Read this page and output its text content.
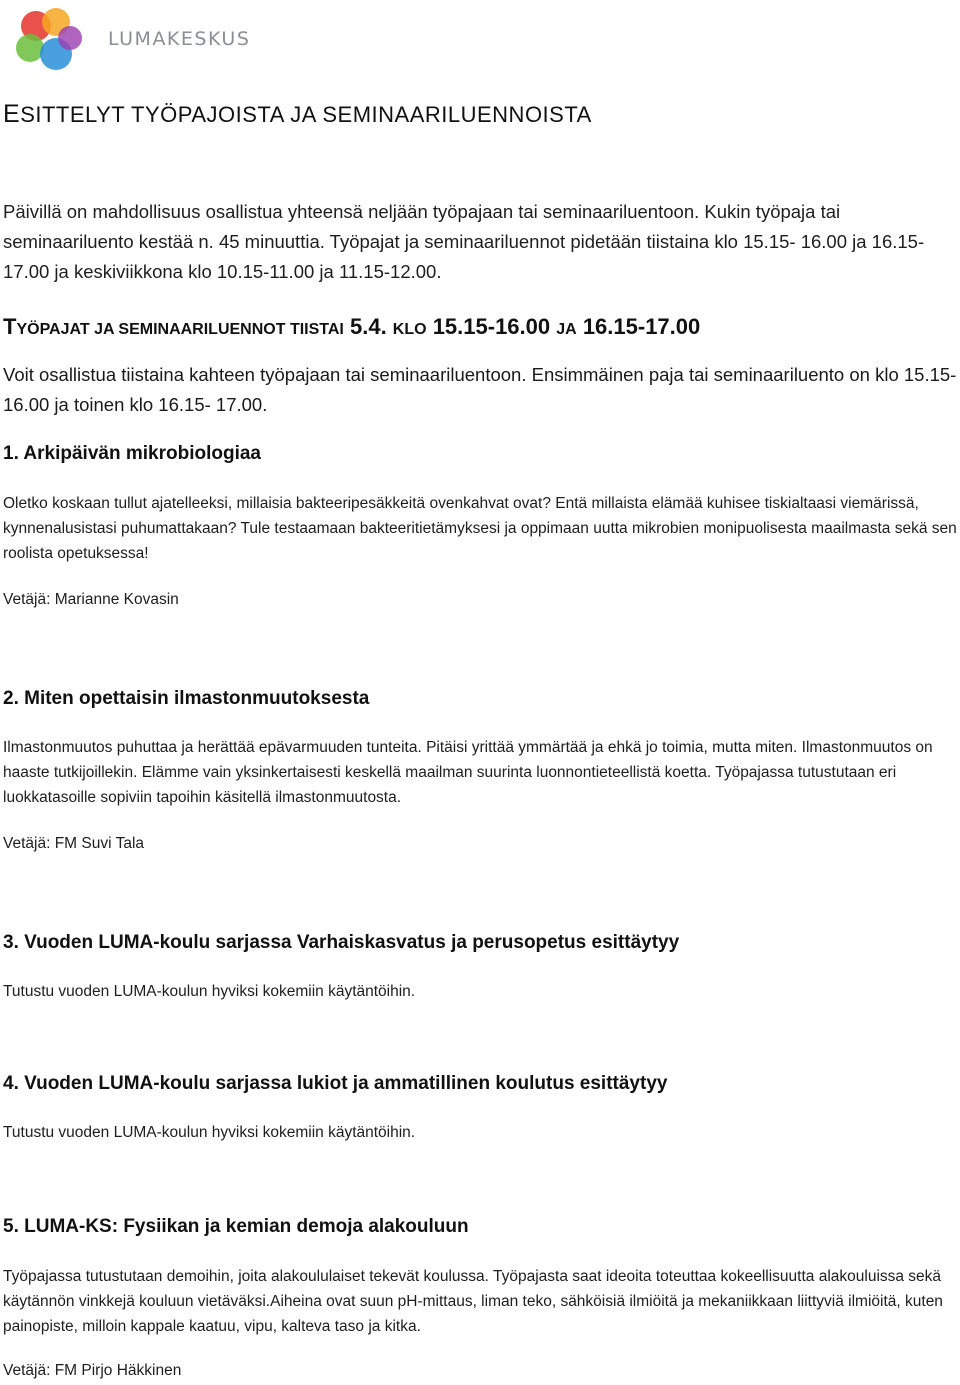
LUMAKESKUS
ESITTELYT TYÖPAJOISTA JA SEMINAARILUENNOISTA
Päivillä on mahdollisuus osallistua yhteensä neljään työpajaan tai seminaariluentoon. Kukin työpaja tai seminaariluento kestää n. 45 minuuttia. Työpajat ja seminaariluennot pidetään tiistaina klo 15.15- 16.00 ja 16.15-17.00 ja keskiviikkona klo 10.15-11.00 ja 11.15-12.00.
TYÖPAJAT JA SEMINAARILUENNOT TIISTAI 5.4. KLO 15.15-16.00 JA 16.15-17.00
Voit osallistua tiistaina kahteen työpajaan tai seminaariluentoon. Ensimmäinen paja tai seminaariluento on klo 15.15- 16.00 ja toinen klo 16.15- 17.00.
1. Arkipäivän mikrobiologiaa
Oletko koskaan tullut ajatelleeksi, millaisia bakteeripesäkkeitä ovenkahvat ovat? Entä millaista elämää kuhisee tiskialtaasi viemärissä, kynnenalusistasi puhumattakaan? Tule testaamaan bakteeritietämyksesi ja oppimaan uutta mikrobien monipuolisesta maailmasta sekä sen roolista opetuksessa!
Vetäjä: Marianne Kovasin
2. Miten opettaisin ilmastonmuutoksesta
Ilmastonmuutos puhuttaa ja herättää epävarmuuden tunteita. Pitäisi yrittää ymmärtää ja ehkä jo toimia, mutta miten. Ilmastonmuutos on haaste tutkijoillekin. Elämme vain yksinkertaisesti keskellä maailman suurinta luonnontieteellistä koetta. Työpajassa tutustutaan eri luokkatasoille sopiviin tapoihin käsitellä ilmastonmuutosta.
Vetäjä: FM Suvi Tala
3. Vuoden LUMA-koulu sarjassa Varhaiskasvatus ja perusopetus esittäytyy
Tutustu vuoden LUMA-koulun hyviksi kokemiin käytäntöihin.
4. Vuoden LUMA-koulu sarjassa lukiot ja ammatillinen koulutus esittäytyy
Tutustu vuoden LUMA-koulun hyviksi kokemiin käytäntöihin.
5. LUMA-KS: Fysiikan ja kemian demoja alakouluun
Työpajassa tutustutaan demoihin, joita alakoululaiset tekevät koulussa. Työpajasta saat ideoita toteuttaa kokeellisuutta alakouluissa sekä käytännön vinkkejä kouluun vietäväksi.Aiheina ovat suun pH-mittaus, liman teko, sähköisiä ilmiöitä ja mekaniikkaan liittyviä ilmiöitä, kuten painopiste, milloin kappale kaatuu, vipu, kalteva taso ja kitka.
Vetäjä: FM Pirjo Häkkinen
